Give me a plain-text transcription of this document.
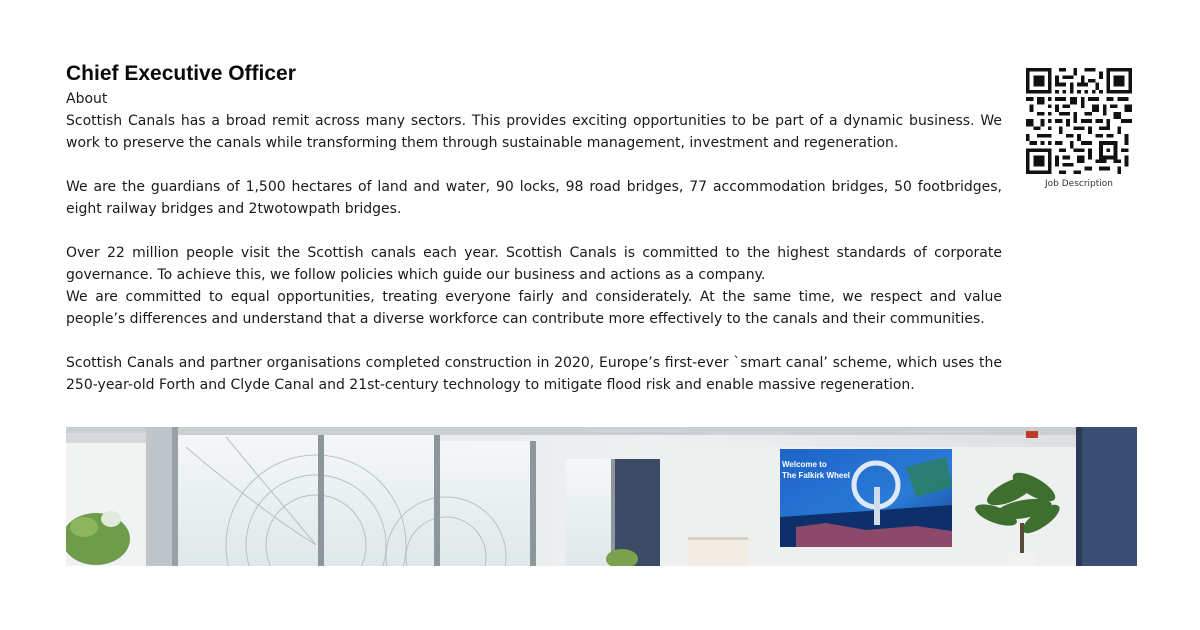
Chief Executive Officer

About

Scottish Canals has a broad remit across many sectors. This provides exciting opportunities to be part of a dynamic business. We work to preserve the canals while transforming them through sustainable management, investment and regeneration.

We are the guardians of 1,500 hectares of land and water, 90 locks, 98 road bridges, 77 accommodation bridges, 50 footbridges, eight railway bridges and 2twotowpath bridges.

Over 22 million people visit the Scottish canals each year. Scottish Canals is committed to the highest standards of corporate governance. To achieve this, we follow policies which guide our business and actions as a company.

We are committed to equal opportunities, treating everyone fairly and considerately. At the same time, we respect and value people’s differences and understand that a diverse workforce can contribute more effectively to the canals and their communities.

Scottish Canals and partner organisations completed construction in 2020, Europe’s first-ever `smart canal’ scheme, which uses the 250-year-old Forth and Clyde Canal and 21st-century technology to mitigate flood risk and enable massive regeneration.

Job Description
Welcome to
The Falkirk Wheel
